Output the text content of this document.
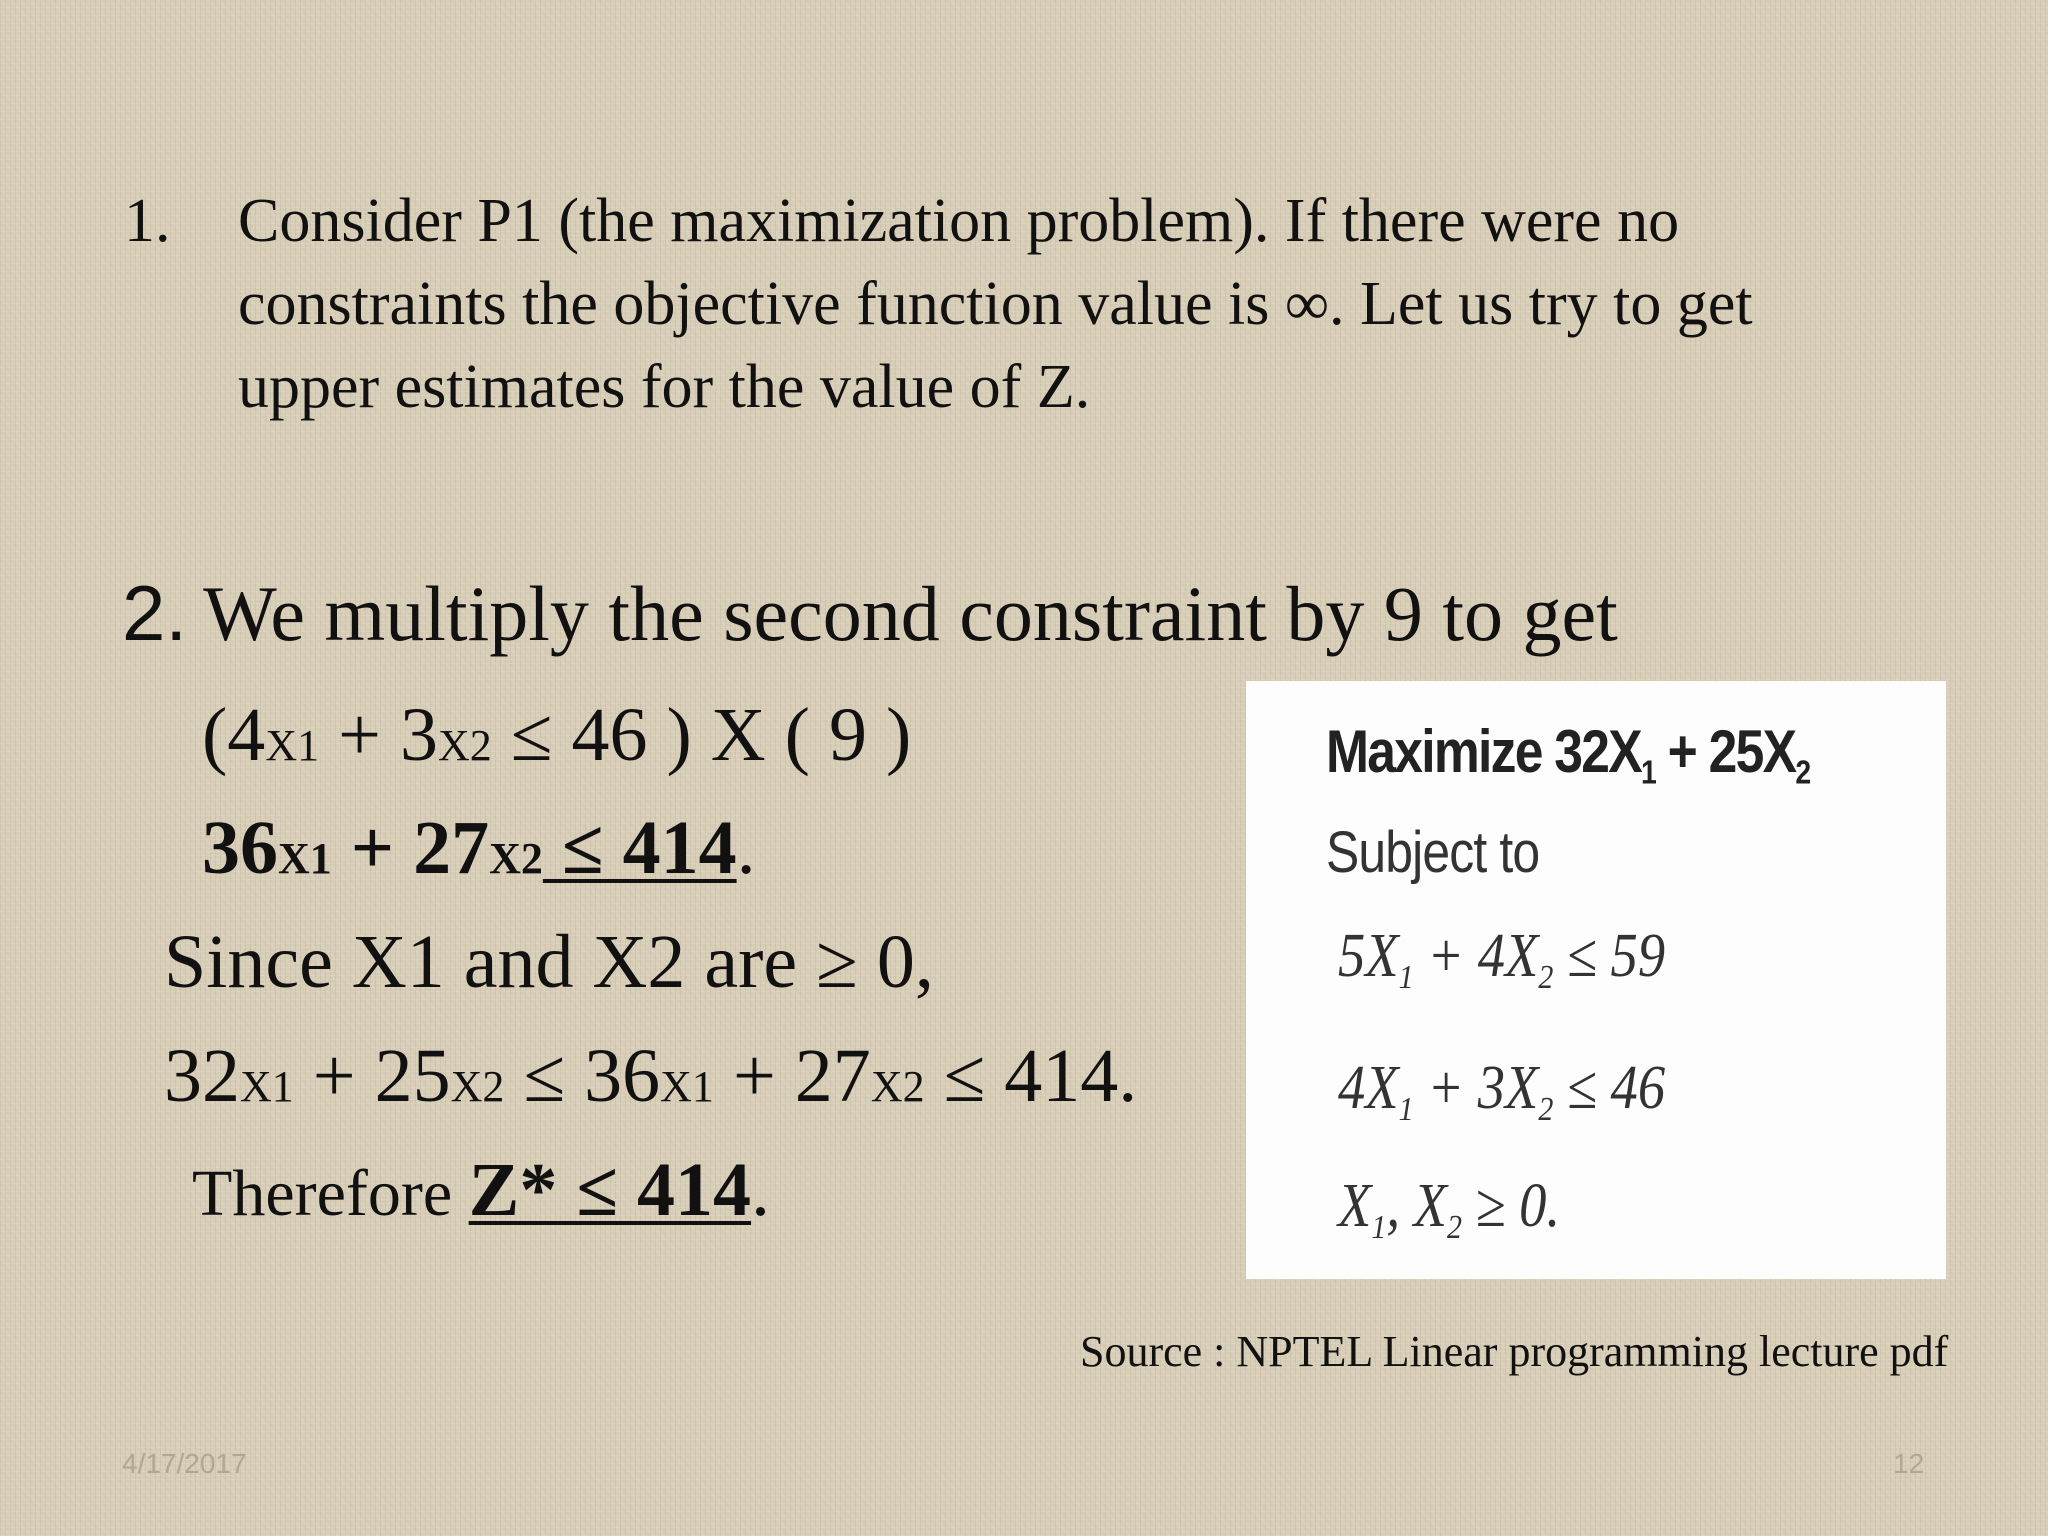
1. Consider P1 (the maximization problem). If there were no
constraints the objective function value is ∞. Let us try to get
upper estimates for the value of Z.
2. We multiply the second constraint by 9 to get
(4X1 + 3X2 ≤ 46 ) X ( 9 )
36X1 + 27X2 ≤ 414.
Since X1 and X2 are ≥ 0,
32X1 + 25X2 ≤ 36X1 + 27X2 ≤ 414.
Therefore Z* ≤ 414.
Maximize $32X_1 + 25X_2$
Subject to
$5X_1 + 4X_2 \le 59$
$4X_1 + 3X_2 \le 46$
$X_1$, $X_2 \ge 0$.
Source : NPTEL Linear programming lecture pdf
4/17/2017	12
